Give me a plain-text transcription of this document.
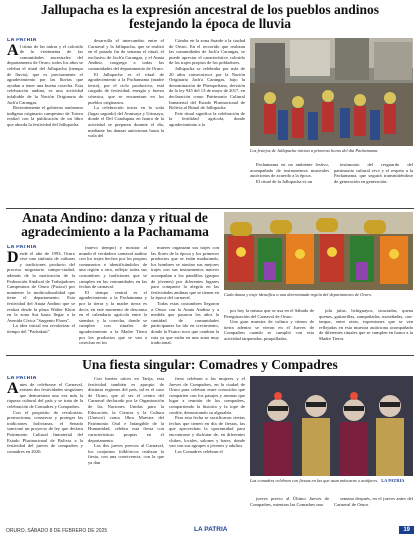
Jallupacha es la expresión ancestral de los pueblos andinos festejando la época de lluvia
LA PATRIA
A l ritmo de las tarkas y el colorido de la vestimenta de las comunidades ancestrales del departamento de Oruro, todos los años se celebra el ritual del Jallupacha (tiempo de lluvia), que es precisamente el agradecimiento por las lluvias que ayudan a tener una buena cosecha. Esta celebración andina, es una actividad infaltable de la Nación Originaria de Jach'a Carangas.

Recientemente el gobierno autónomo indígena originario campesino de Totora realizó con la publicación de un libro que aborda la festividad del Jallupacha.

desarrolla el intercambio entre el Carnaval y la Jallupacha, que se realizó en el pasado fin de semana el ritual, el exclusivo de Jach'a Carangas, y el Anata Andino, congrega a todas las comunidades del departamento de Oruro.

El Jallupacha es el ritual de agradecimiento a la Pachamama (madre tierra), por el ciclo productivo, está cargado de festividad, energía y fuerza cósmica, que se encuentran en los pueblos originarios.

La celebración inicia en la wala (lugar sagrado) del Aransaya y Urinsaya, donde el Del Condupata en honra de la actividad se preparan durante el día, mediante las danzas autóctonas hasta la wala del

Cóndor en la zona Suarde a la ciudad de Oruro. En el recorrido que realizan las comunidades de Jach'a Carangas, se puede apreciar el característico colorido de los trajes propios de los pobladores.

Jallupacha se celebraba por más de 20 años consecutivos por la Nación Originaria Jach'a Carangas, bajo la denominación de Phesqachana, decisión de la ley 945 del 13 de mayo de 2017, en declaración como Patrimonio Cultural Inmaterial del Estado Plurinacional de Bolivia al Ritual de Jallupacha.

Este ritual significa la celebración de la fertilidad agrícola, donde agradecimiento a la

Los festejos de Jallupacha inician a primeras horas del día Pachamama.

Pachamama en un ambiente festivo, acompañado de instrumentos musicales autóctonos de acuerdo a la época.

El ritual de la Jallupacha es un

testimonio del resguardo del patrimonio cultural vivo y el respeto a la Pachamama, que seguirá transmitiéndose de generación en generación.

Anata Andino: danza y ritual de agradecimiento a la Pachamama
LA PATRIA
D esde el año de 1993, Oruro vive una sinfonía de culturas y tradiciones producto del proceso migratorio campo-ciudad, además de la motivación de la Federación Sindical de Trabajadores Campesinos de Oruro (Fsutco) por mantener la multiculturalidad que tiene el departamento. Esta festividad del Anata Andino que se realiza desde la plaza Walter Khon en la zona Sur hasta llegar a la Avenida Cívica "Sargento Flores".

La idea inicial era revalorizar el tiempo del "Pachakuti"

(nuevo tiempo) y mostrar al mundo el verdadero carnaval andino con los trajes hechos por los propios comunarios e identificándolos de una región a otra, reflejar todas sus costumbres y tradiciones que se cumplen en las comunidades en las fechas de carnaval.

El tiempo central es el agradecimiento a la Pachamama y por la tierra y la madre tierra es decir, en este momento de descanso en el calendario agrícola entre la siembra y la cosecha, donde se cumplen con rituales de agradecimiento a la Madre Tierra por los productos que se van a cosechar en los

mueres organizan sus trajes con las flores de la época y los primeros productos que se están madurando, los hombres se atavían sus mejores trajes con sus instrumentos nativos acompañan a los pandillos (grupos de jóvenes) por diferentes lugares para compartir la alegría en las festividades andinas que se tienen en la época del carnaval.

Todas estas costumbres llegaron a Oruro con la Anata Andino y a medida que pasaron los años la cantidad de comunidades participantes ha ido en crecimiento, donde la Fsutco tuvo que cambiar la ruta ya que están en una zona muy tradicional.

Cada danza y traje identifica a una determinada región del departamento de Oruro.

por hoy la misma que se usa en el Sábado de Peregrinación del Carnaval de Oruro.

Una gran muestra de cultura y ritmos de tierra adentro se vieron en el Jueves de Compadres cuando se cumplió con esta actividad tarqueadas, pinquilladas,

julu julus, lichiguayos, sicuriadas, quena quenas, guitarrillas, zampoñadas, moseñadas, con-tanpac, entre otras, expresiones que se ven reflejadas en esta muestra autóctona acompañado de diferentes rituales que se cumplen en honor a la Madre Tierra.

Una fiesta singular: Comadres y Compadres
LA PATRIA
A ntes de celebrarse el Carnaval, existen dos festividades singulares que demuestran una vez más la riqueza cultural del país y se trata de la celebración de Comadres y Compadres.

Con el propósito de revalorizar, promocionar, conservar y proteger las tradiciones bolivianas, el Senado sancionó un proyecto de ley que declara Patrimonio Cultural Inmaterial del Estado Plurinacional de Bolivia a la festividad del jueves de compadres y comadres en 2020.

Con fuertes raíces en Tarija, esta festividad también es apropio de distintas regiones del país, tal es el caso de Oruro, que al ser el centro del Carnaval declarado por la Organización de las Naciones Unidas para la Educación, la Ciencia y la Cultura (Unesco) como Obra Maestra del Patrimonio Oral e Intangible de la Humanidad, celebra esta fiesta con características propias en el departamento.

Las dos jueves previos al Carnaval, los conjuntos folklóricos realizan la fiesta, con una convivencia, con la que ya dan

fieso celebran a las mujeres y el Jueves de Compadres, en la ciudad de Oruro para celebrar entre conocidos que comparten con los pasajes y aromas que lugar a reunión de los compadres, compartiendo la historia y la tope de confite, demostrando su algarabía.

Para esta fecha se sacrificaron ciertas fechas que tienen en día de fiestas, las que aprovechan la oportunidad para encontrarse y disfrutar de, en diferentes clubes, locales, salones y bares, donde van con sus agrupes a jóvenes y adultos.

Los Comadres celebran el

Las comadres celebran con fiestas en las que usan máscaras o antifaces. LA PATRIA

jueves previo al Último Jueves de Compadres, mientras las Comadres una

semana después, en el jueves antes del Carnaval de Oruro.

ORURO, SÁBADO 8 DE FEBRERO DE 2025	LA PATRIA	19
